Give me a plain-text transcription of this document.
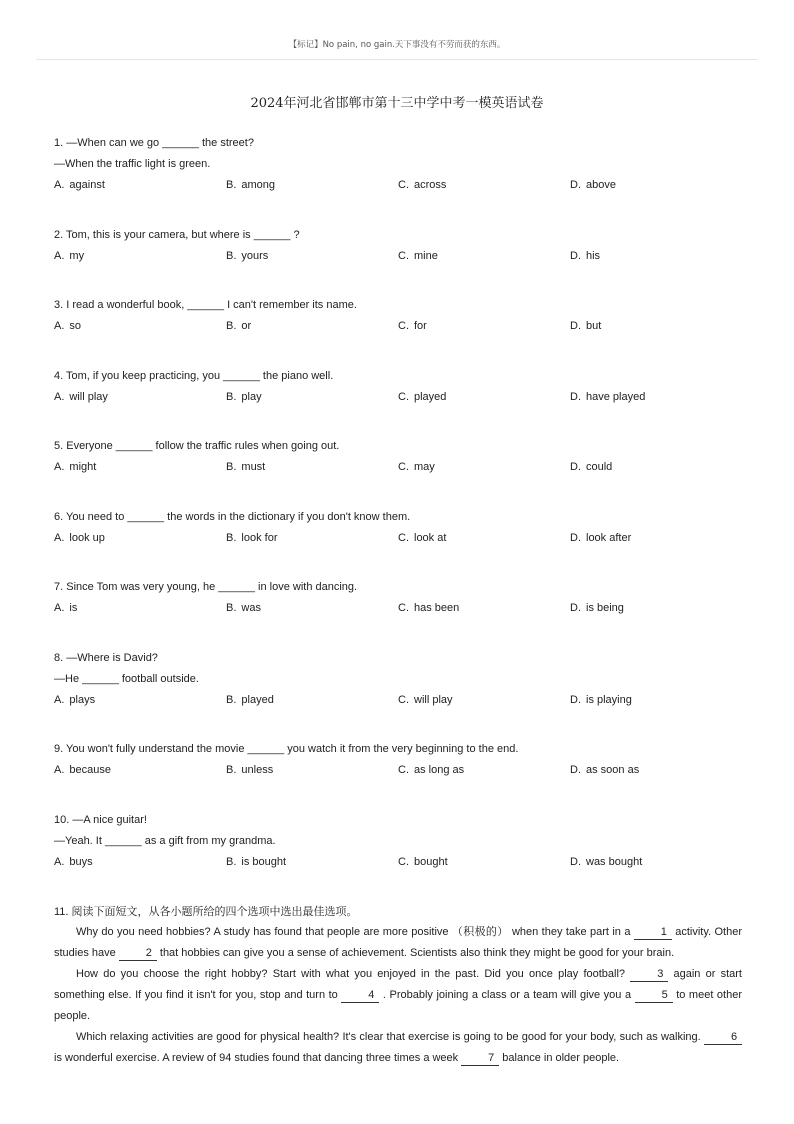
【标记】No pain, no gain.天下事没有不劳而获的东西。
2024年河北省邯郸市第十三中学中考一模英语试卷
1. —When can we go ______ the street?
—When the traffic light is green.
A. against	B. among	C. across	D. above
2. Tom, this is your camera, but where is ______ ?
A. my	B. yours	C. mine	D. his
3. I read a wonderful book, ______ I can't remember its name.
A. so	B. or	C. for	D. but
4. Tom, if you keep practicing, you ______ the piano well.
A. will play	B. play	C. played	D. have played
5. Everyone ______ follow the traffic rules when going out.
A. might	B. must	C. may	D. could
6. You need to ______ the words in the dictionary if you don't know them.
A. look up	B. look for	C. look at	D. look after
7. Since Tom was very young, he ______ in love with dancing.
A. is	B. was	C. has been	D. is being
8. —Where is David?
—He ______ football outside.
A. plays	B. played	C. will play	D. is playing
9. You won't fully understand the movie ______ you watch it from the very beginning to the end.
A. because	B. unless	C. as long as	D. as soon as
10. —A nice guitar!
—Yeah. It ______ as a gift from my grandma.
A. buys	B. is bought	C. bought	D. was bought
11. 阅读下面短文，从各小题所给的四个选项中选出最佳选项。

Why do you need hobbies? A study has found that people are more positive （积极的） when they take part in a 1 activity. Other studies have 2 that hobbies can give you a sense of achievement. Scientists also think they might be good for your brain.

How do you choose the right hobby? Start with what you enjoyed in the past. Did you once play football? 3 again or start something else. If you find it isn't for you, stop and turn to 4 . Probably joining a class or a team will give you a 5 to meet other people.

Which relaxing activities are good for physical health? It's clear that exercise is going to be good for your body, such as walking. 6 is wonderful exercise. A review of 94 studies found that dancing three times a week 7 balance in older people.
